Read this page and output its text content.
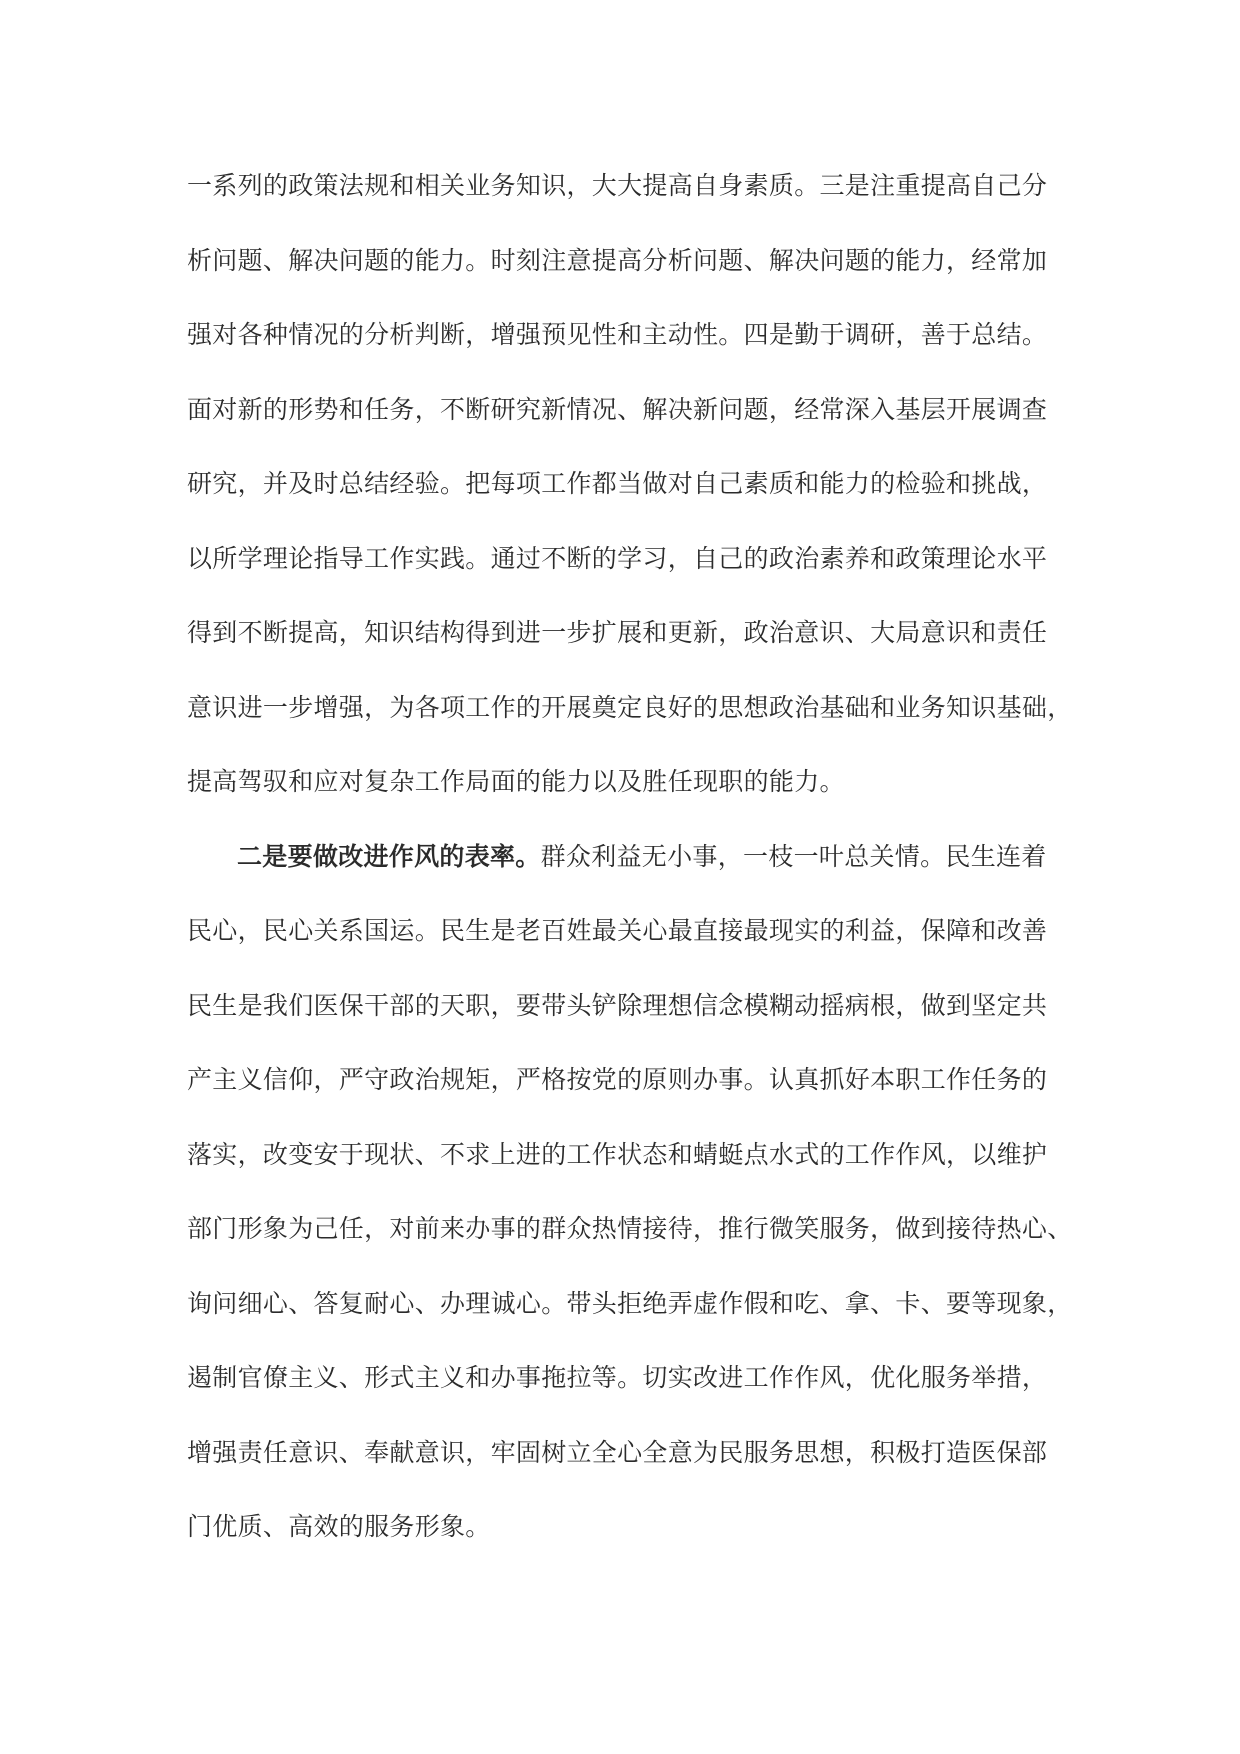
一系列的政策法规和相关业务知识，大大提高自身素质。三是注重提高自己分
析问题、解决问题的能力。时刻注意提高分析问题、解决问题的能力，经常加
强对各种情况的分析判断，增强预见性和主动性。四是勤于调研，善于总结。
面对新的形势和任务，不断研究新情况、解决新问题，经常深入基层开展调查
研究，并及时总结经验。把每项工作都当做对自己素质和能力的检验和挑战，
以所学理论指导工作实践。通过不断的学习，自己的政治素养和政策理论水平
得到不断提高，知识结构得到进一步扩展和更新，政治意识、大局意识和责任
意识进一步增强，为各项工作的开展奠定良好的思想政治基础和业务知识基础，
提高驾驭和应对复杂工作局面的能力以及胜任现职的能力。
二是要做改进作风的表率。群众利益无小事，一枝一叶总关情。民生连着
民心，民心关系国运。民生是老百姓最关心最直接最现实的利益，保障和改善
民生是我们医保干部的天职，要带头铲除理想信念模糊动摇病根，做到坚定共
产主义信仰，严守政治规矩，严格按党的原则办事。认真抓好本职工作任务的
落实，改变安于现状、不求上进的工作状态和蜻蜓点水式的工作作风，以维护
部门形象为己任，对前来办事的群众热情接待，推行微笑服务，做到接待热心、
询问细心、答复耐心、办理诚心。带头拒绝弄虚作假和吃、拿、卡、要等现象，
遏制官僚主义、形式主义和办事拖拉等。切实改进工作作风，优化服务举措，
增强责任意识、奉献意识，牢固树立全心全意为民服务思想，积极打造医保部
门优质、高效的服务形象。
